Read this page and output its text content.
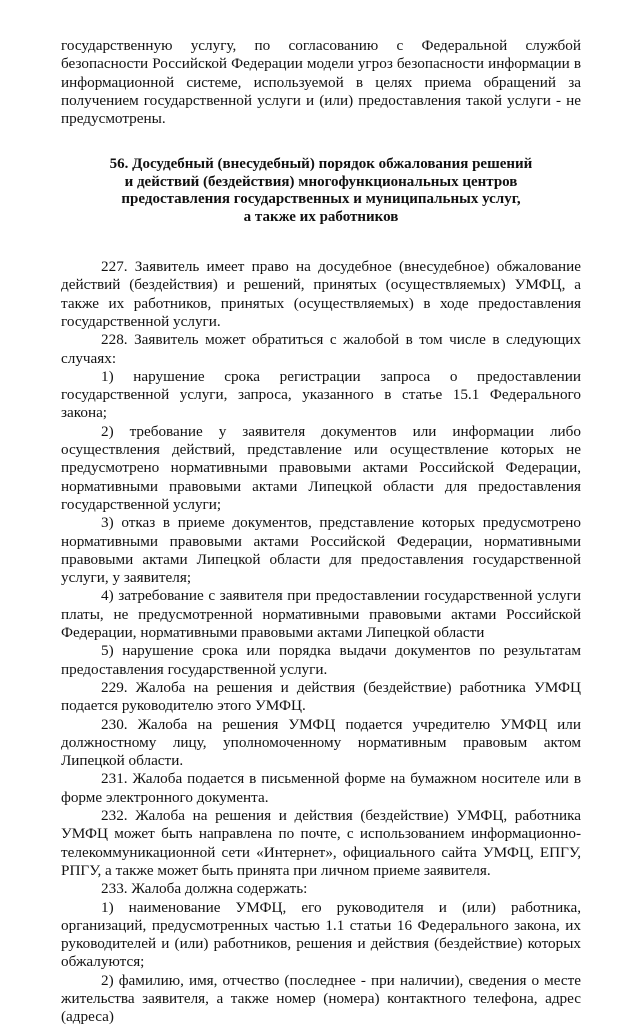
государственную услугу, по согласованию с Федеральной службой безопасности Российской Федерации модели угроз безопасности информации в информационной системе, используемой в целях приема обращений за получением государственной услуги и (или) предоставления такой услуги - не предусмотрены.

56. Досудебный (внесудебный) порядок обжалования решений
и действий (бездействия) многофункциональных центров
предоставления государственных и муниципальных услуг,
а также их работников

227. Заявитель имеет право на досудебное (внесудебное) обжалование действий (бездействия) и решений, принятых (осуществляемых) УМФЦ, а также их работников, принятых (осуществляемых) в ходе предоставления государственной услуги.

228. Заявитель может обратиться с жалобой в том числе в следующих случаях:

1) нарушение срока регистрации запроса о предоставлении государственной услуги, запроса, указанного в статье 15.1 Федерального закона;

2) требование у заявителя документов или информации либо осуществления действий, представление или осуществление которых не предусмотрено нормативными правовыми актами Российской Федерации, нормативными правовыми актами Липецкой области для предоставления государственной услуги;

3) отказ в приеме документов, представление которых предусмотрено нормативными правовыми актами Российской Федерации, нормативными правовыми актами Липецкой области для предоставления государственной услуги, у заявителя;

4) затребование с заявителя при предоставлении государственной услуги платы, не предусмотренной нормативными правовыми актами Российской Федерации, нормативными правовыми актами Липецкой области

5) нарушение срока или порядка выдачи документов по результатам предоставления государственной услуги.

229. Жалоба на решения и действия (бездействие) работника УМФЦ подается руководителю этого УМФЦ.

230. Жалоба на решения УМФЦ подается учредителю УМФЦ или должностному лицу, уполномоченному нормативным правовым актом Липецкой области.

231. Жалоба подается в письменной форме на бумажном носителе или в форме электронного документа.

232. Жалоба на решения и действия (бездействие) УМФЦ, работника УМФЦ может быть направлена по почте, с использованием информационно-телекоммуникационной сети «Интернет», официального сайта УМФЦ, ЕПГУ, РПГУ, а также может быть принята при личном приеме заявителя.

233. Жалоба должна содержать:

1) наименование УМФЦ, его руководителя и (или) работника, организаций, предусмотренных частью 1.1 статьи 16 Федерального закона, их руководителей и (или) работников, решения и действия (бездействие) которых обжалуются;

2) фамилию, имя, отчество (последнее - при наличии), сведения о месте жительства заявителя, а также номер (номера) контактного телефона, адрес (адреса)
